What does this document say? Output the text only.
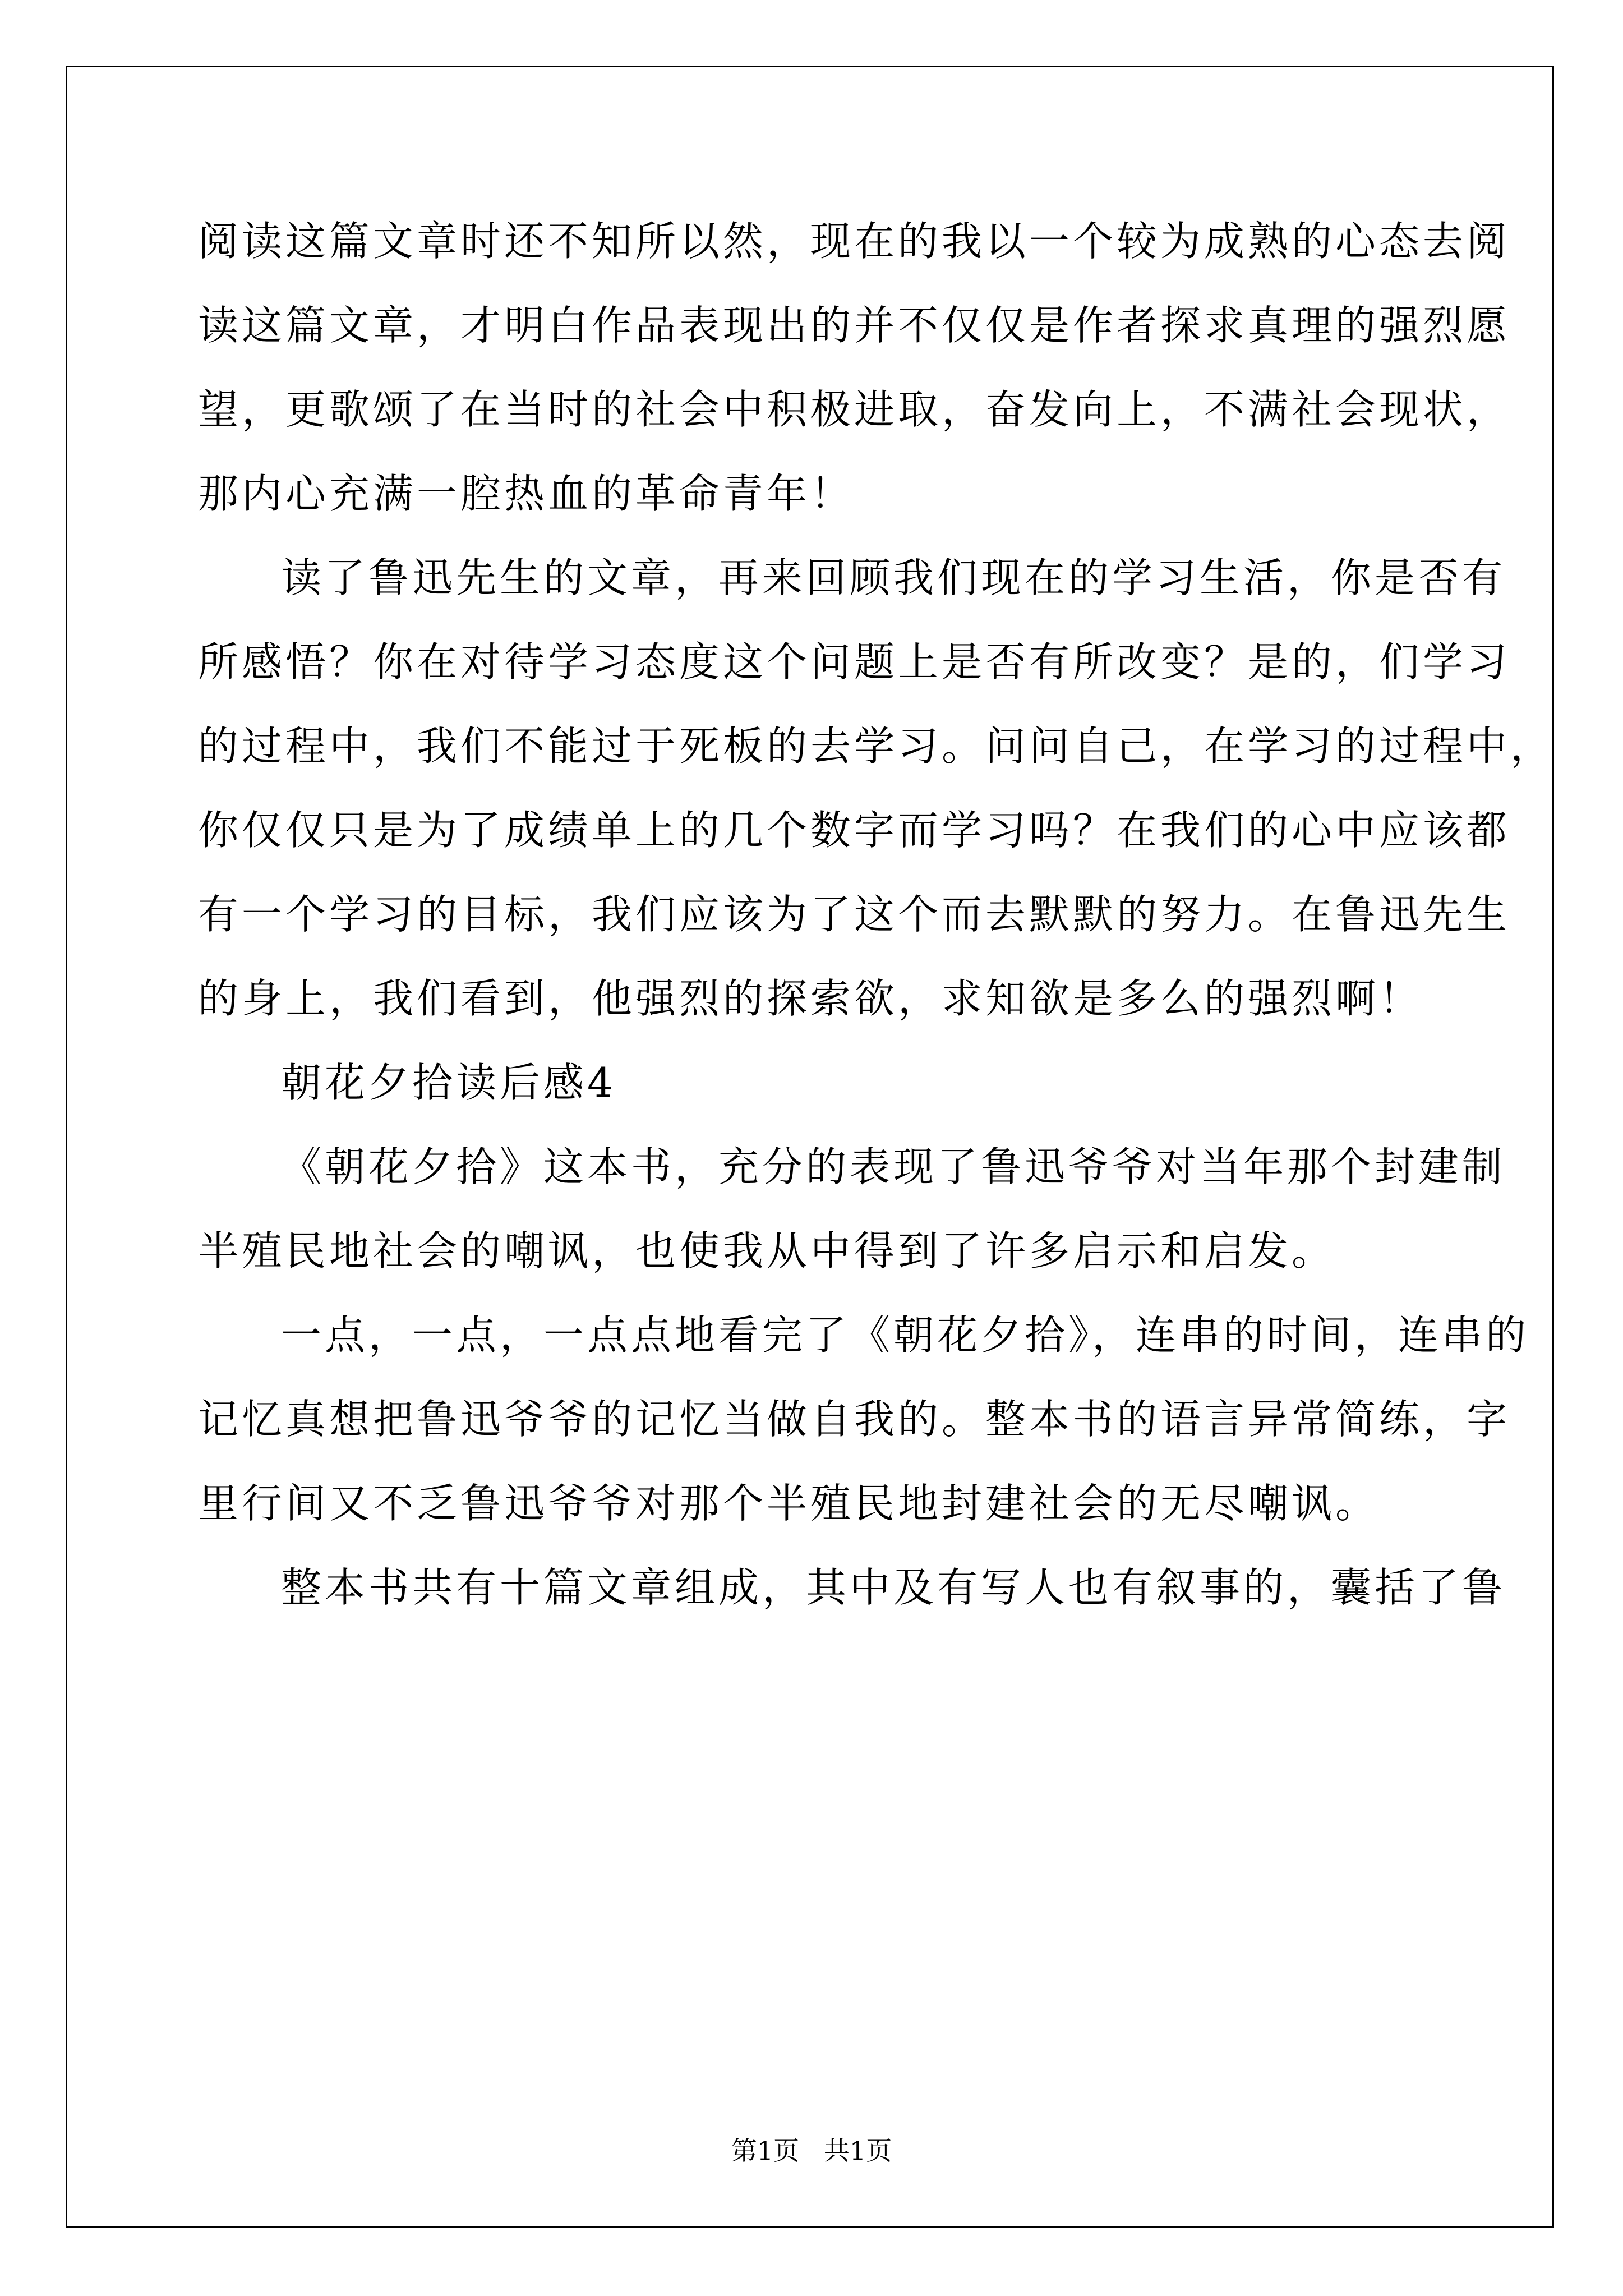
阅读这篇文章时还不知所以然，现在的我以一个较为成熟的心态去阅
读这篇文章，才明白作品表现出的并不仅仅是作者探求真理的强烈愿
望，更歌颂了在当时的社会中积极进取，奋发向上，不满社会现状，
那内心充满一腔热血的革命青年！
读了鲁迅先生的文章，再来回顾我们现在的学习生活，你是否有
所感悟？你在对待学习态度这个问题上是否有所改变？是的，们学习
的过程中，我们不能过于死板的去学习。问问自己，在学习的过程中，
你仅仅只是为了成绩单上的几个数字而学习吗？在我们的心中应该都
有一个学习的目标，我们应该为了这个而去默默的努力。在鲁迅先生
的身上，我们看到，他强烈的探索欲，求知欲是多么的强烈啊！
朝花夕拾读后感4
《朝花夕拾》这本书，充分的表现了鲁迅爷爷对当年那个封建制
半殖民地社会的嘲讽，也使我从中得到了许多启示和启发。
一点，一点，一点点地看完了《朝花夕拾》，连串的时间，连串的
记忆真想把鲁迅爷爷的记忆当做自我的。整本书的语言异常简练，字
里行间又不乏鲁迅爷爷对那个半殖民地封建社会的无尽嘲讽。
整本书共有十篇文章组成，其中及有写人也有叙事的，囊括了鲁
第1页   共1页
